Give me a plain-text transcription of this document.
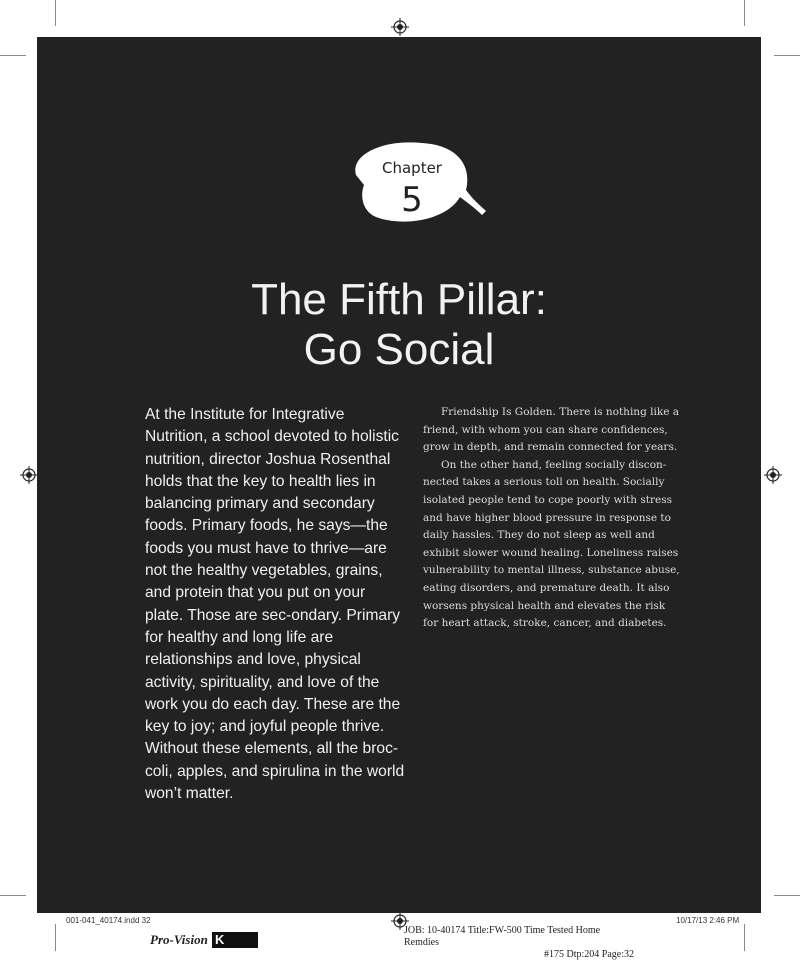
Chapter
5
The Fifth Pillar:
Go Social
At the Institute for Integrative Nutrition, a school devoted to holistic nutrition, director Joshua Rosenthal holds that the key to health lies in balancing primary and secondary foods. Primary foods, he says—the foods you must have to thrive—are not the healthy vegetables, grains, and protein that you put on your plate. Those are sec-ondary. Primary for healthy and long life are relationships and love, physical activity, spirituality, and love of the work you do each day. These are the key to joy; and joyful people thrive. Without these elements, all the broc-coli, apples, and spirulina in the world won’t matter.

Friendship Is Golden. There is nothing like a friend, with whom you can share confidences, grow in depth, and remain connected for years.

On the other hand, feeling socially discon-nected takes a serious toll on health. Socially isolated people tend to cope poorly with stress and have higher blood pressure in response to daily hassles. They do not sleep as well and exhibit slower wound healing. Loneliness raises vulnerability to mental illness, substance abuse, eating disorders, and premature death. It also worsens physical health and elevates the risk for heart attack, stroke, cancer, and diabetes.

001-041_40174.indd 32	10/17/13 2:46 PM
JOB: 10-40174 Title:FW-500 Time Tested Home Remdies
#175 Dtp:204 Page:32
Pro-Vision K
